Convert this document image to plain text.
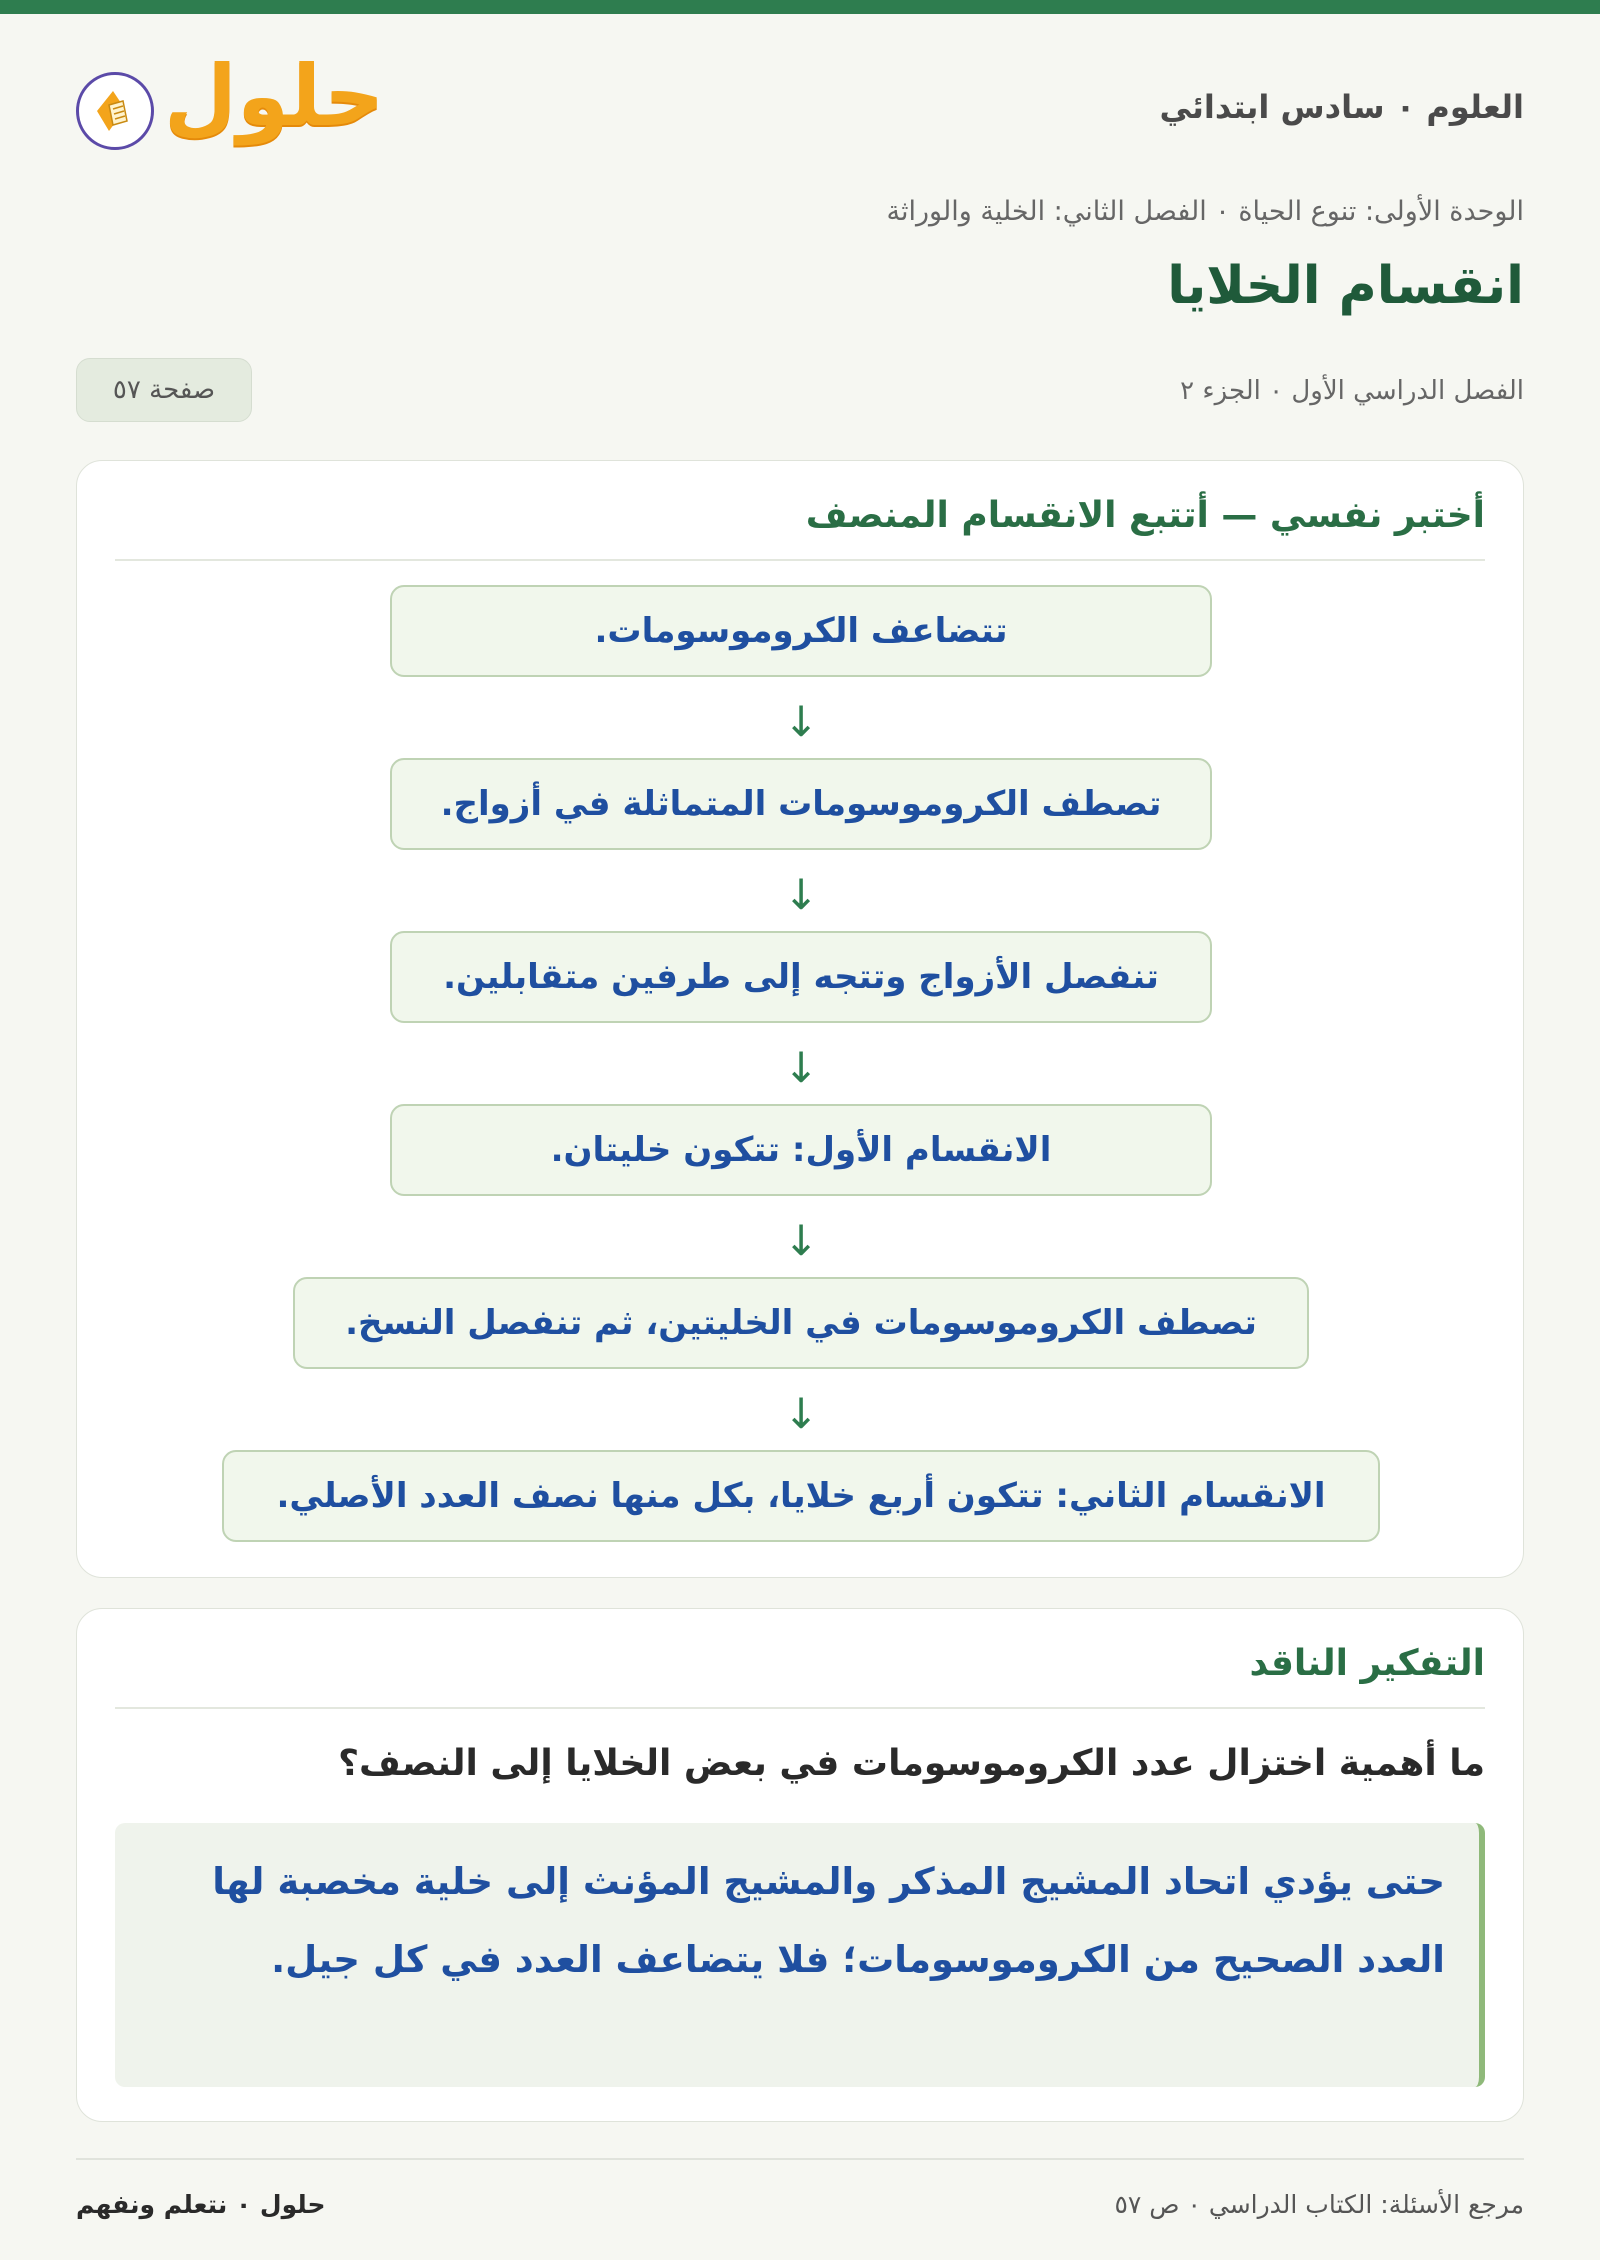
حلول	العلوم ٠ سادس ابتدائي
الوحدة الأولى: تنوع الحياة ٠ الفصل الثاني: الخلية والوراثة
انقسام الخلايا
الفصل الدراسي الأول ٠ الجزء ٢
صفحة ٥٧
أختبر نفسي — أتتبع الانقسام المنصف
تتضاعف الكروموسومات.
↓
تصطف الكروموسومات المتماثلة في أزواج.
↓
تنفصل الأزواج وتتجه إلى طرفين متقابلين.
↓
الانقسام الأول: تتكون خليتان.
↓
تصطف الكروموسومات في الخليتين، ثم تنفصل النسخ.
↓
الانقسام الثاني: تتكون أربع خلايا، بكل منها نصف العدد الأصلي.
التفكير الناقد
ما أهمية اختزال عدد الكروموسومات في بعض الخلايا إلى النصف؟
حتى يؤدي اتحاد المشيج المذكر والمشيج المؤنث إلى خلية مخصبة لها العدد الصحيح من الكروموسومات؛ فلا يتضاعف العدد في كل جيل.
حلول ٠ نتعلم ونفهم	مرجع الأسئلة: الكتاب الدراسي ٠ ص ٥٧
